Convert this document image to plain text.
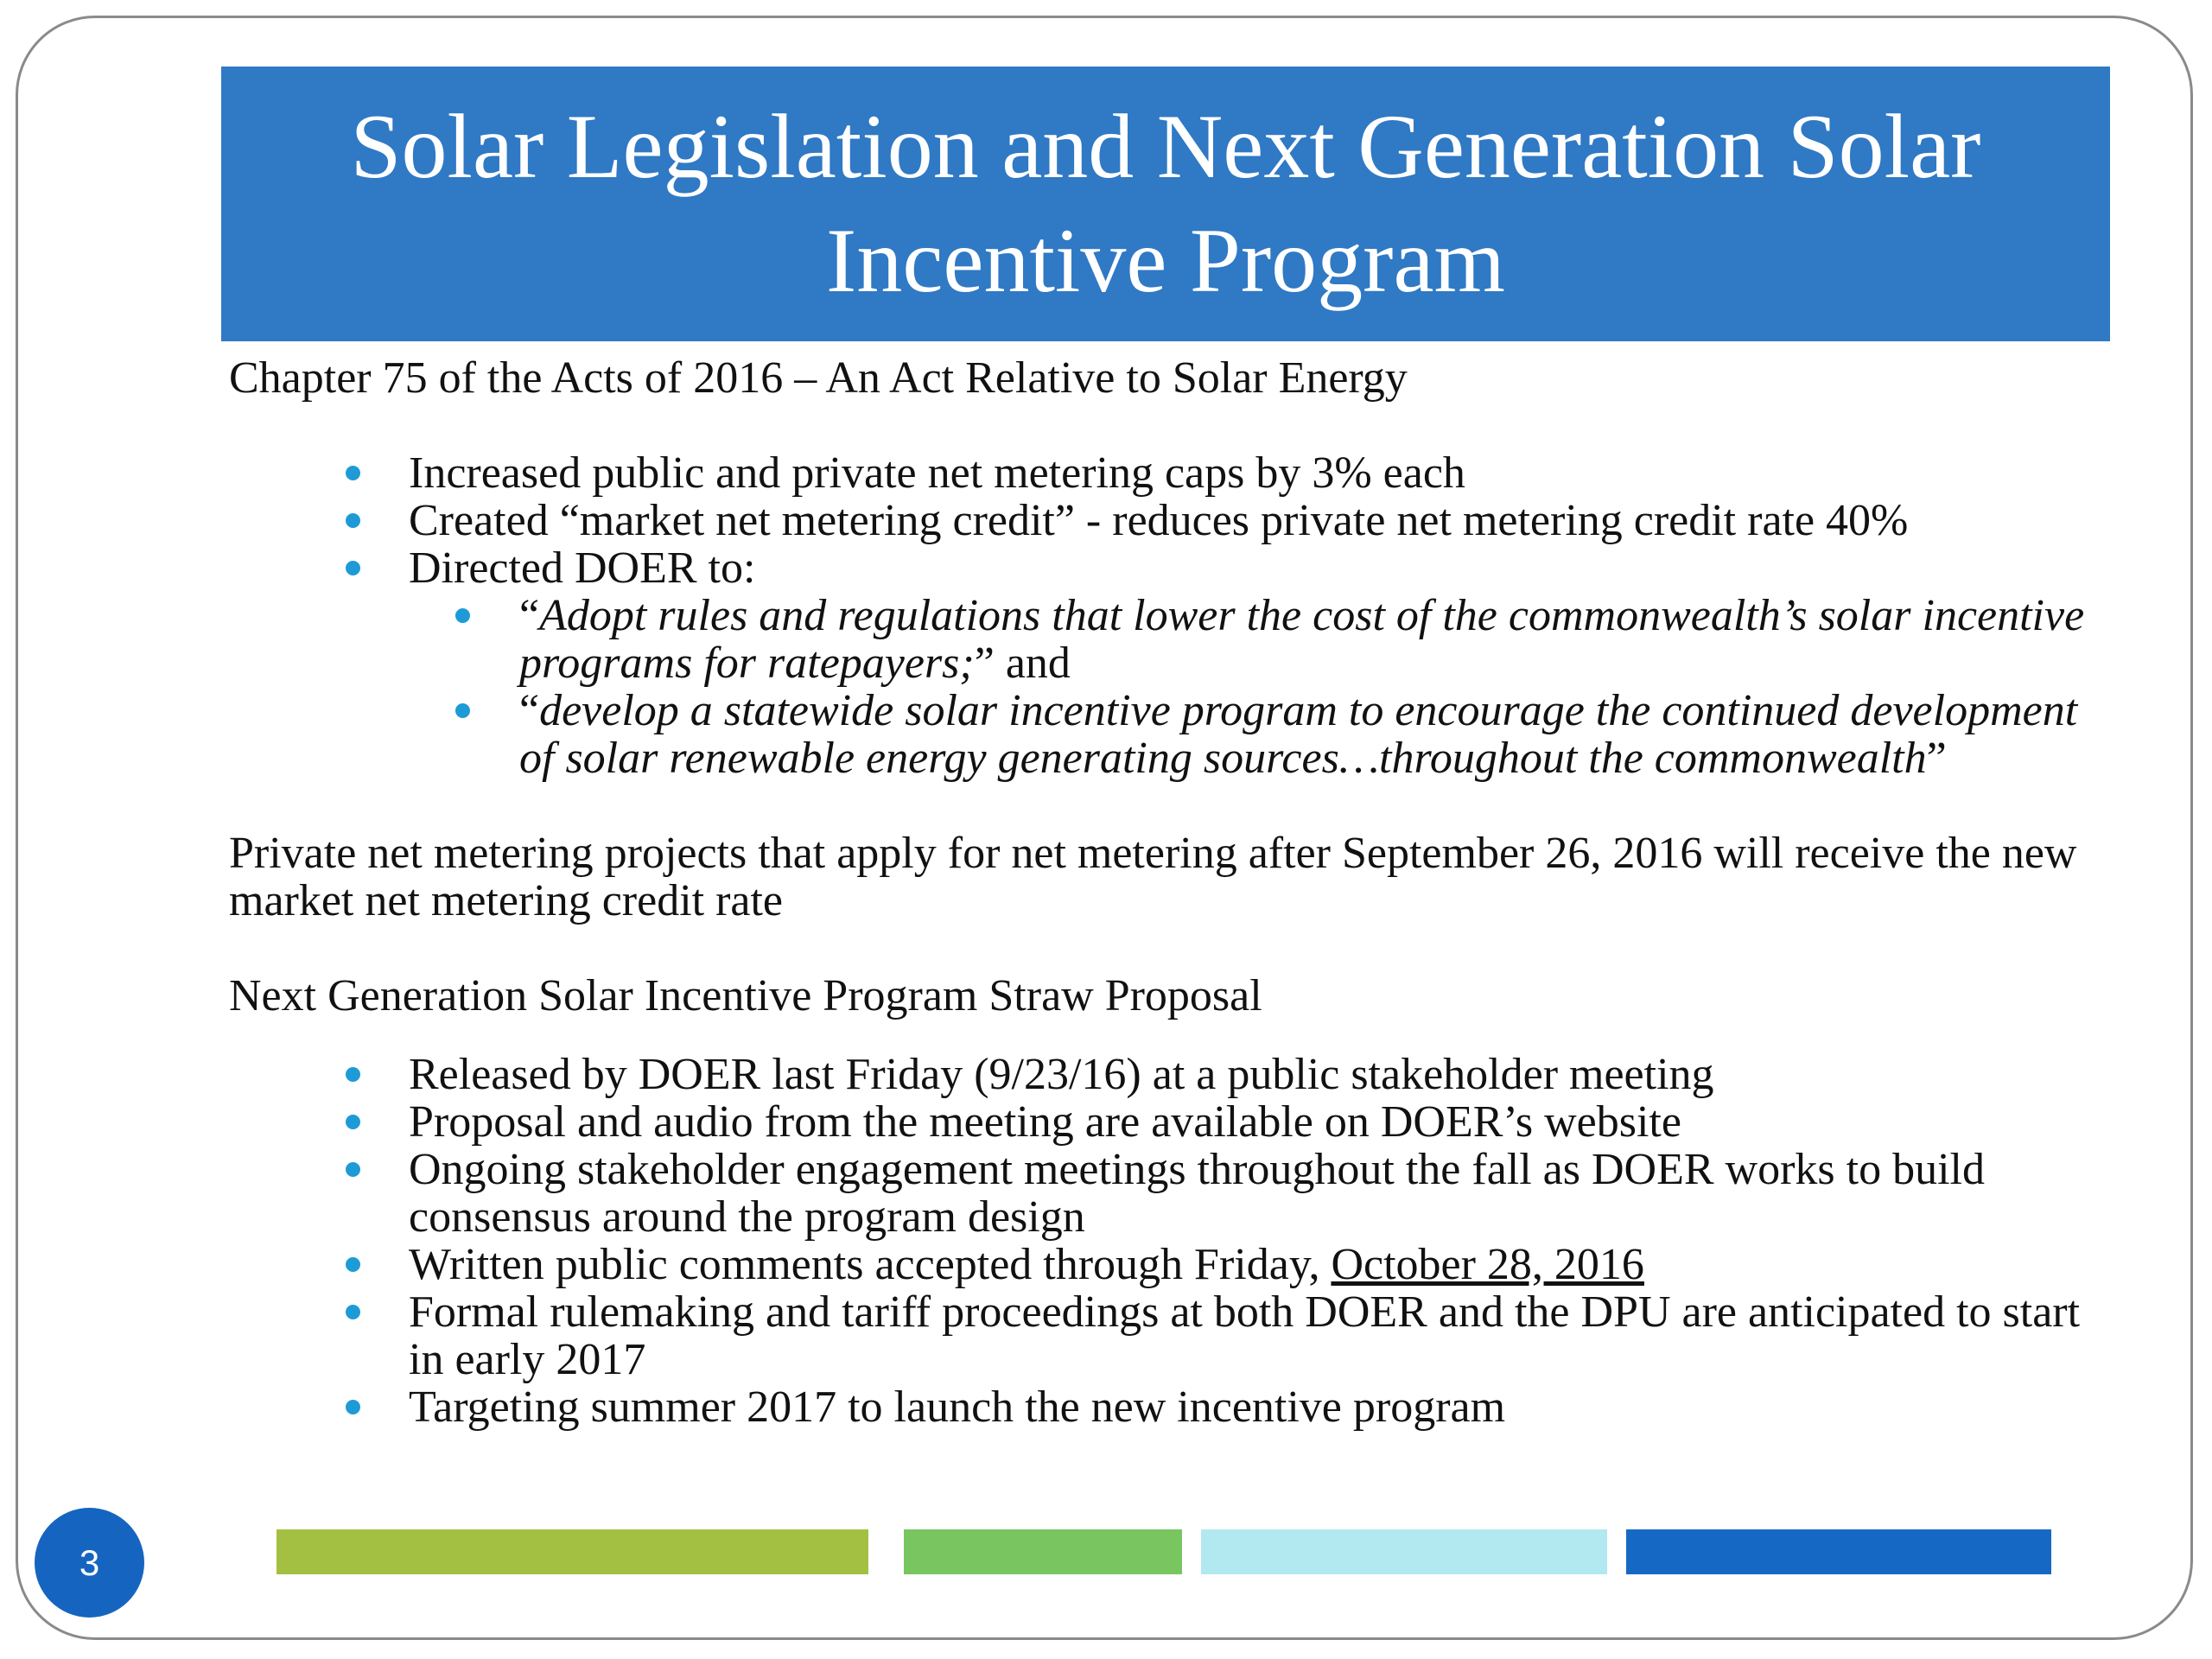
Solar Legislation and Next Generation Solar Incentive Program

Chapter 75 of the Acts of 2016 – An Act Relative to Solar Energy

Increased public and private net metering caps by 3% each
Created “market net metering credit” - reduces private net metering credit rate 40%
Directed DOER to:
“Adopt rules and regulations that lower the cost of the commonwealth’s solar incentive programs for ratepayers;” and
“develop a statewide solar incentive program to encourage the continued development of solar renewable energy generating sources…throughout the commonwealth”

Private net metering projects that apply for net metering after September 26, 2016 will receive the new market net metering credit rate

Next Generation Solar Incentive Program Straw Proposal

Released by DOER last Friday (9/23/16) at a public stakeholder meeting
Proposal and audio from the meeting are available on DOER’s website
Ongoing stakeholder engagement meetings throughout the fall as DOER works to build consensus around the program design
Written public comments accepted through Friday, October 28, 2016
Formal rulemaking and tariff proceedings at both DOER and the DPU are anticipated to start in early 2017
Targeting summer 2017 to launch the new incentive program
3
